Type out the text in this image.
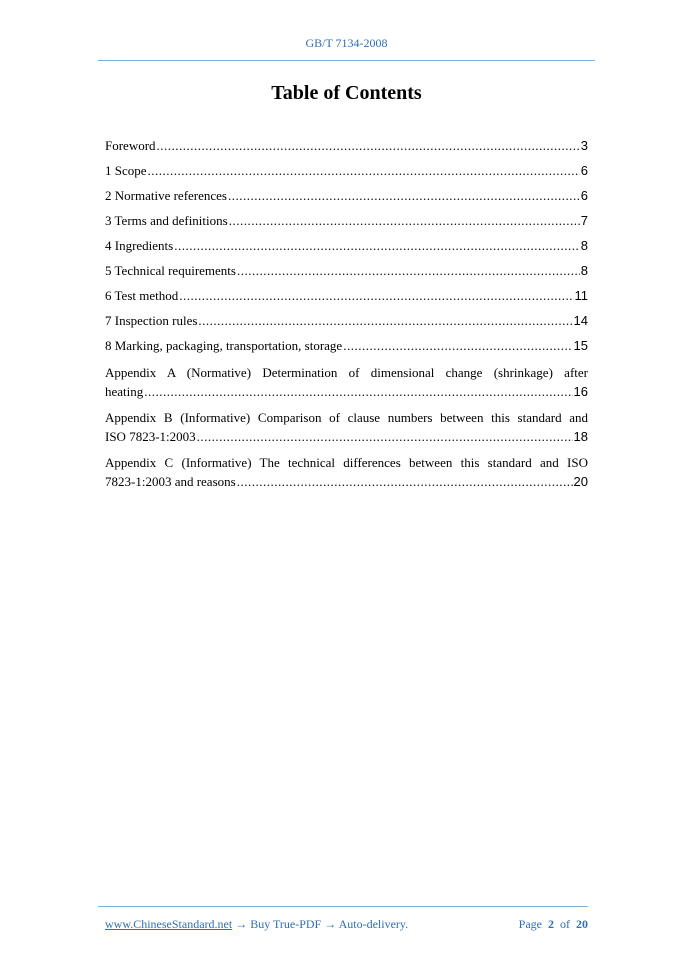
GB/T 7134-2008
Table of Contents
Foreword .....	3
1 Scope .....	6
2 Normative references .....	6
3 Terms and definitions .....	7
4 Ingredients .....	8
5 Technical requirements .....	8
6 Test method .....	11
7 Inspection rules .....	14
8 Marking, packaging, transportation, storage .....	15
Appendix A (Normative) Determination of dimensional change (shrinkage) after
heating .....	16
Appendix B (Informative) Comparison of clause numbers between this standard and
ISO 7823-1:2003 .....	18
Appendix C (Informative) The technical differences between this standard and ISO
7823-1:2003 and reasons .....	20
www.ChineseStandard.net → Buy True-PDF → Auto-delivery.	Page 2 of 20
